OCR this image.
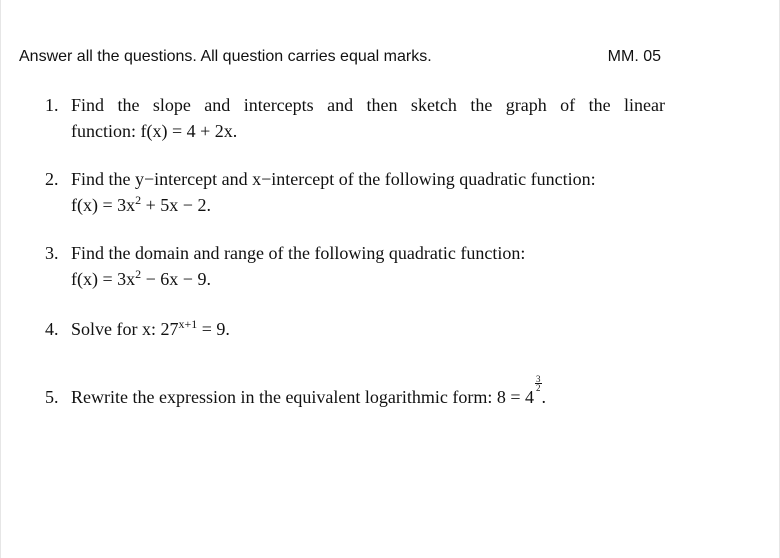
Answer all the questions. All question carries equal marks.	MM. 05
1. Find the slope and intercepts and then sketch the graph of the linear
function: f(x) = 4 + 2x.
2. Find the y−intercept and x−intercept of the following quadratic function:
$f(x) = 3x^2 + 5x - 2$.
3. Find the domain and range of the following quadratic function:
$f(x) = 3x^2 - 6x - 9$.
4. Solve for x: $27^{x+1} = 9$.
5. Rewrite the expression in the equivalent logarithmic form: 8 = 4
$\frac{3}{2}$
.
